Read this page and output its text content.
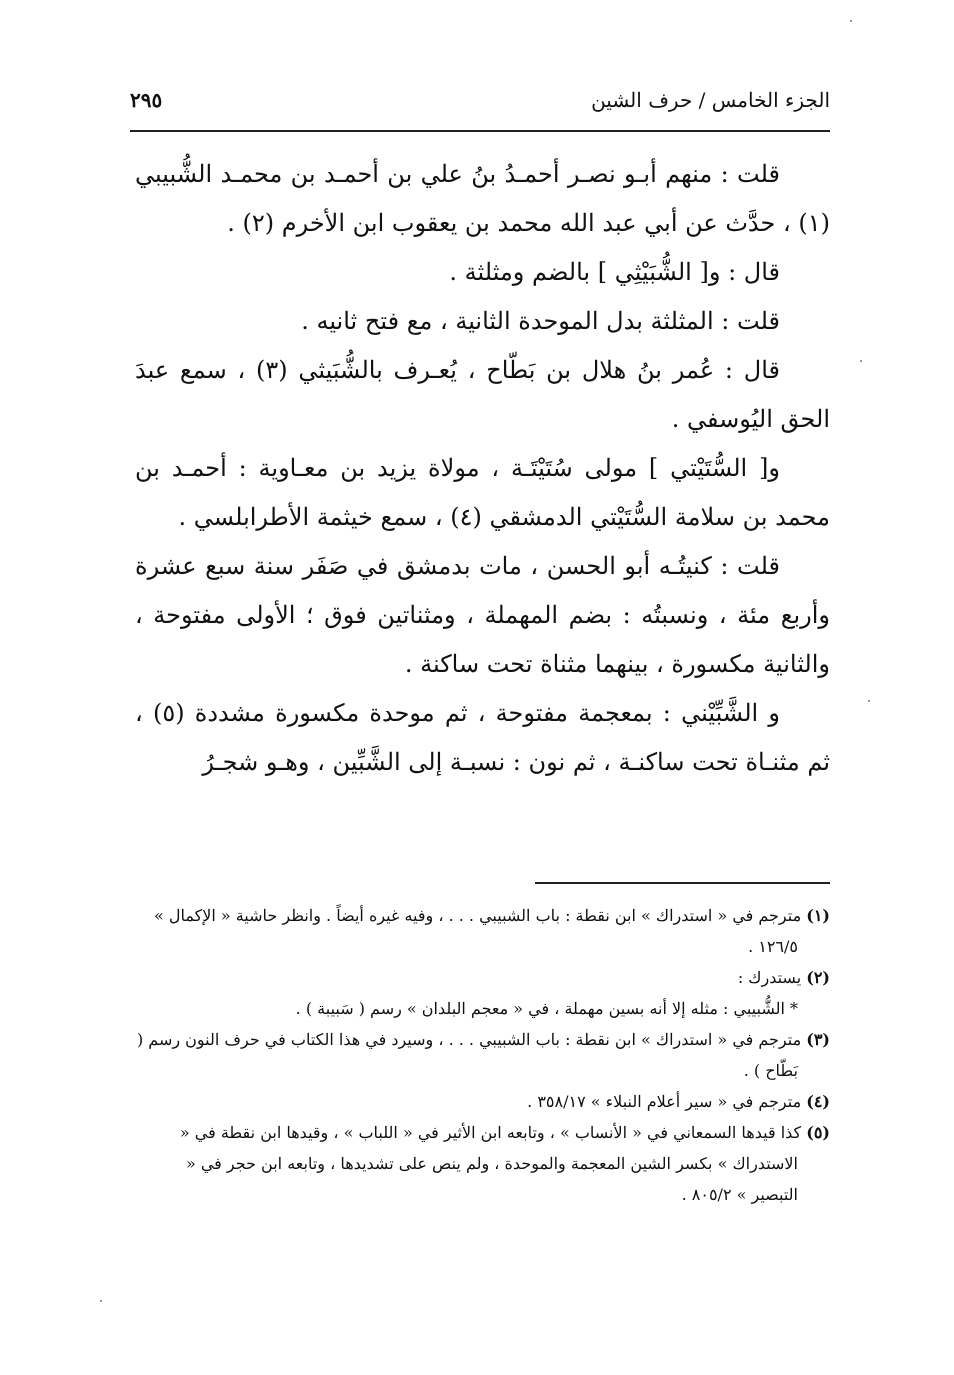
الجزء الخامس / حرف الشين
٢٩٥

قلت : منهم أبـو نصـر أحمـدُ بنُ علي بن أحمـد بن محمـد الشُّبيبي (١) ، حدَّث عن أبي عبد الله محمد بن يعقوب ابن الأخرم (٢) .

قال : و[ الشُّبَيْثِي ] بالضم ومثلثة .

قلت : المثلثة بدل الموحدة الثانية ، مع فتح ثانيه .

قال : عُمر بنُ هلال بن بَطّاح ، يُعـرف بالشُّبَيثي (٣) ، سمع عبدَ الحق اليُوسفي .

و[ السُّتَيْتي ] مولى سُتَيْتَـة ، مولاة يزيد بن معـاوية : أحمـد بن محمد بن سلامة السُّتَيْتي الدمشقي (٤) ، سمع خيثمة الأطرابلسي .

قلت : كنيتُـه أبو الحسن ، مات بدمشق في صَفَر سنة سبع عشرة وأربع مئة ، ونسبتُه : بضم المهملة ، ومثناتين فوق ؛ الأولى مفتوحة ، والثانية مكسورة ، بينهما مثناة تحت ساكنة .

و الشَّبِّيْني : بمعجمة مفتوحة ، ثم موحدة مكسورة مشددة (٥) ، ثم مثنـاة تحت ساكنـة ، ثم نون : نسبـة إلى الشَّبِّين ، وهـو شجـرُ

(١) مترجم في « استدراك » ابن نقطة : باب الشبيبي . . . ، وفيه غيره أيضاً . وانظر حاشية « الإكمال » ١٢٦/٥ .

(٢) يستدرك :

* الشُّبيبي : مثله إلا أنه بسين مهملة ، في « معجم البلدان » رسم ( سَبيبة ) .

(٣) مترجم في « استدراك » ابن نقطة : باب الشبيبي . . . ، وسيرد في هذا الكتاب في حرف النون رسم ( بَطّاح ) .

(٤) مترجم في « سير أعلام النبلاء » ٣٥٨/١٧ .

(٥) كذا قيدها السمعاني في « الأنساب » ، وتابعه ابن الأثير في « اللباب » ، وقيدها ابن نقطة في « الاستدراك » بكسر الشين المعجمة والموحدة ، ولم ينص على تشديدها ، وتابعه ابن حجر في « التبصير » ٨٠٥/٢ .
